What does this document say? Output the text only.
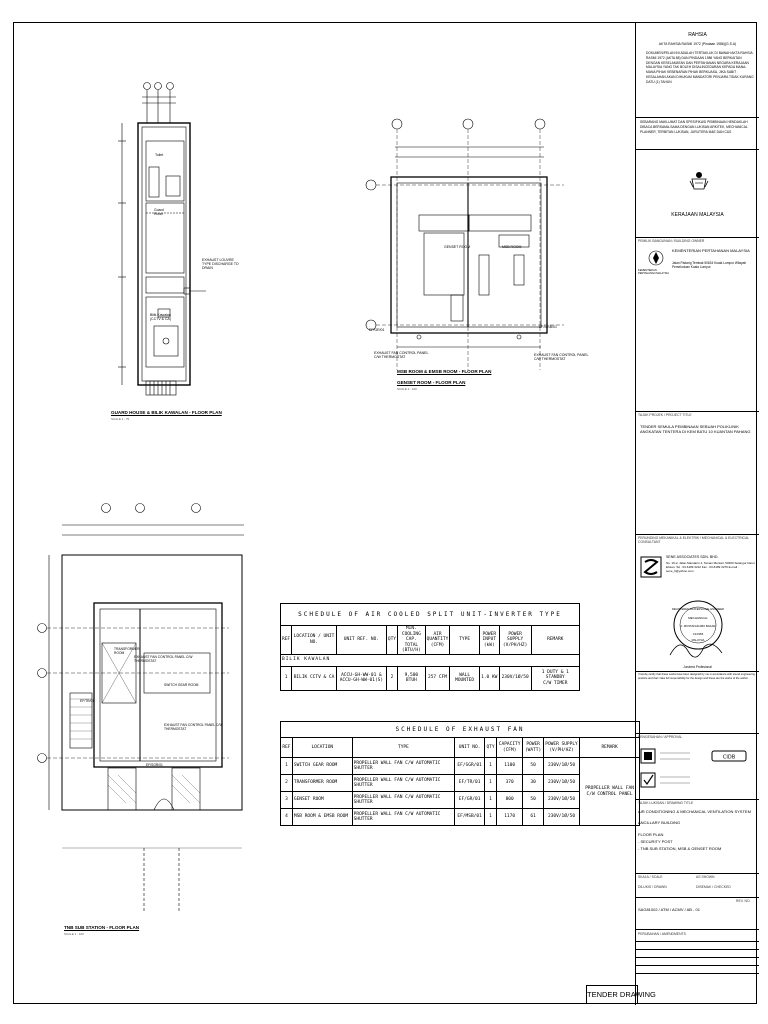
Toilet
Guard Room
Bilik Kawalan (CCTV & CA)
EXHAUST LOUVRE TYPE DISCHARGE TO DRAIN
GUARD HOUSE & BILIK KAWALAN - FLOOR PLAN
SCALE 1 : 75
GENSET ROOM	MSB ROOM
EF/GR/01
EF/MSB/01
EXHAUST FAN CONTROL PANEL C/W THERMOSTAT	EXHAUST FAN CONTROL PANEL C/W THERMOSTAT
MSB ROOM & EMSB ROOM - FLOOR PLAN
GENSET ROOM - FLOOR PLAN
SCALE 1 : 100
TRANSFORMER ROOM
SWITCH GEAR ROOM
EXHAUST FAN CONTROL PANEL C/W THERMOSTAT
EXHAUST FAN CONTROL PANEL C/W THERMOSTAT
EF/TR/01
EF/SGR/01
TNB SUB STATION - FLOOR PLAN
SCALE 1 : 100
SCHEDULE OF AIR COOLED SPLIT UNIT-INVERTER TYPE									
REF	LOCATION / UNIT NO.	UNIT REF. NO.	QTY	MIN. COOLING CAP. TOTAL (BTU/H)	AIR QUANTITY (CFM)	TYPE	POWER INPUT (kW)	POWER SUPPLY (V/PH/HZ)	REMARK
BILIK KAWALAN									
1	BILIK CCTV & CA	ACCU-GH-WW-01 &
ACCU-GH-WW-01(S)	2	9,500 BTUH	257 CFM	WALL MOUNTED	1.0 KW	230V/1Ø/50	1 DUTY & 1 STANDBY
C/W TIMER
SCHEDULE OF EXHAUST FAN								
REF	LOCATION	TYPE	UNIT NO.	QTY	CAPACITY (CFM)	POWER (WATT)	POWER SUPPLY (V/PH/HZ)	REMARK
1	SWITCH GEAR ROOM	PROPELLER WALL FAN C/W AUTOMATIC SHUTTER	EF/SGR/01	1	1100	50	230V/1Ø/50	PROPELLER WALL FAN C/W CONTROL PANEL
2	TRANSFORMER ROOM	PROPELLER WALL FAN C/W AUTOMATIC SHUTTER	EF/TR/01	1	370	30	230V/1Ø/50	
3	GENSET ROOM	PROPELLER WALL FAN C/W AUTOMATIC SHUTTER	EF/GR/01	1	800	50	230V/1Ø/50	
4	MSB ROOM & EMSB ROOM	PROPELLER WALL FAN C/W AUTOMATIC SHUTTER	EF/MSB/01	1	1170	61	230V/1Ø/50	
RAHSIA
AKTA RAHSIA RASMI 1972 (Pindaan 1986)(G.S.A)
DOKUMEN/PELAN INI ADALAH TERTAKLUK DI BAWAH AKTA RAHSIA RASMI 1972 (AKTA 88) DAN PINDAAN 1986 YANG BERKAITAN DENGAN KESELAMATAN DAN PERTAHANAN NEGARA KERAJAAN MALAYSIA YANG TAK BOLEH DISALINCEDARAN KEPADA MANA-MANA PIHAK KEBENARAN PIHAK BERKUASA, JIKA SABIT KESALAHAN AKAN DIHUKUM MANDATORI PENJARA TIDAK KURANG DATU (1) TAHUN
SEBARANG MAKLUMAT DAN SPESIFIKASI PEMBINAAN HENDAKLAH DIBACA BERSAMA-SAMA DENGAN LUKISAN ARKITEK, MECHANICAL PLANNER, TERBITAN LUKISAN, JURUTERA M&E DAN C&S
KERAJAAN MALAYSIA
PEMILIK BANGUNAN / BUILDING OWNER
KEMENTERIAN PERTAHANAN MALAYSIA
KEMENTERIAN PERTAHANAN MALAYSIA
Jalan Padang Tembak 50634 Kuala Lumpur Wilayah Persekutuan Kuala Lumpur
TAJUK PROJEK / PROJECT TITLE
TENDER SEMULA PEMBINAAN SEBUAH POLIKLINIK ANGKATAN TENTERA DI KEM BATU 10 KUANTAN PAHANG
PERUNDING MEKANIKAL & ELEKTRIK / MECHANICAL & ELECTRICAL CONSULTANT
SENE ASSOCIATES SDN. BHD.
No. 19-2, Jalan Mandarin 4, Taman Mentari, 50200 Selangor Darul Ehsan. Tel : 03-6189 3212 Fax : 03-6189 3276 E-mail : sene_tt@yahoo.com
REGISTERED PROFESSIONAL ENGINEER
MECHANICAL
Ir. MUSTAFAR ABU BAKAR
C10365
MALAYSIA
Jurutera Profesional
I hereby certify that these works have been designed by me in accordance with sound engineering practice and that I take full responsibility for the design and these are the works of the author.
PENGESAHAN / APPROVAL
CIDB
TAJUK LUKISAN / DRAWING TITLE
AIR CONDITIONING & MECHANICAL VENTILATION SYSTEM
ANCILLARY BUILDING
FLOOR PLAN
- SECURITY POST
- TNB SUB STATION, MSB & GENSET ROOM
SKALA / SCALE	AS SHOWN
DILUKIS / DRAWN	DISEMAK / CHECKED
REV. NO.
SAG81002 / ATM / ACMV / AB - 01
PERUBAHAN / AMENDMENTS
TENDER DRAWING
